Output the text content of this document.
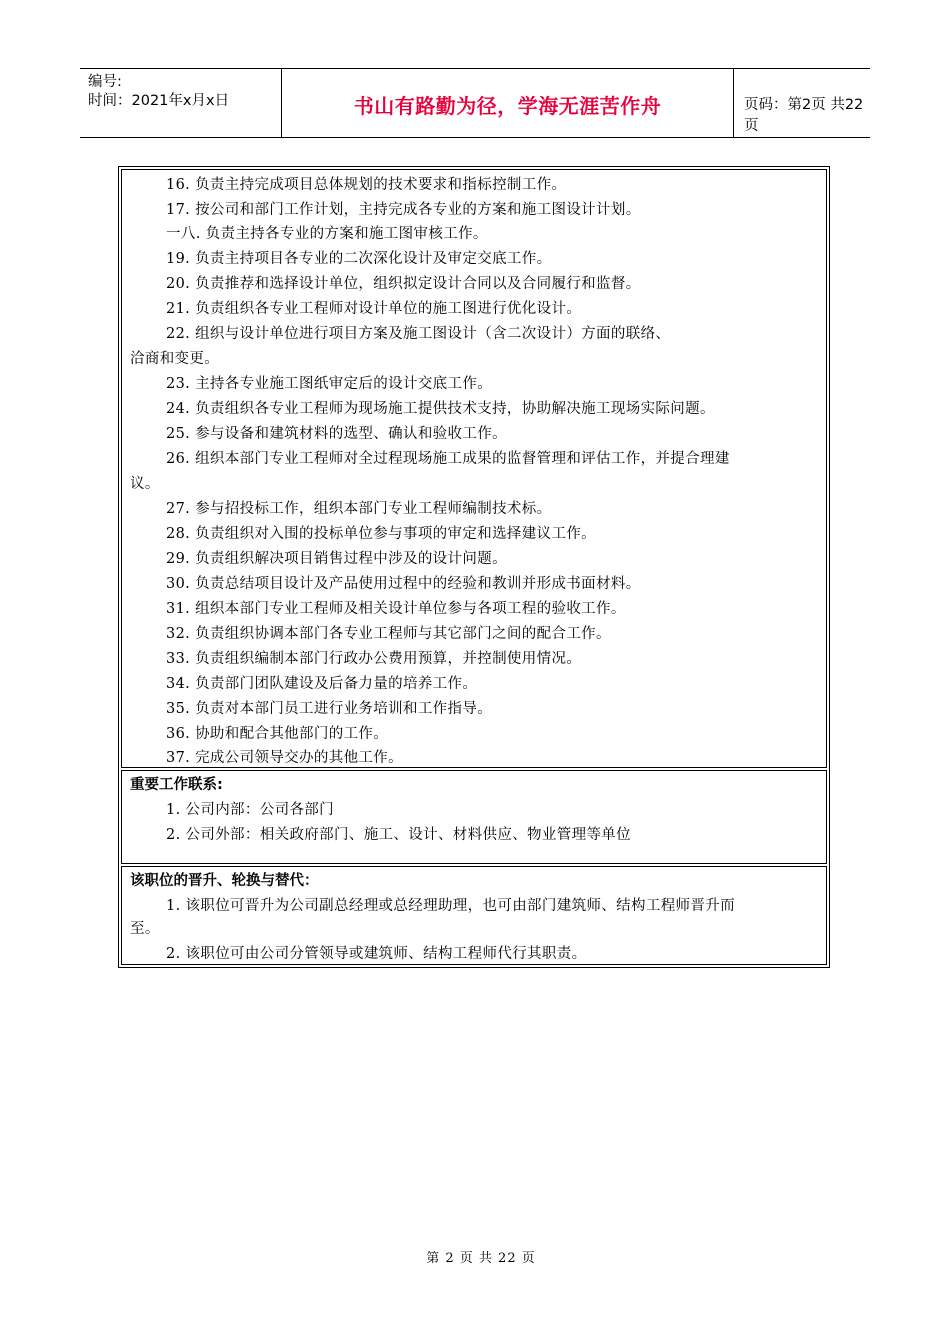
编号:
时间：2021年x月x日	书山有路勤为径，学海无涯苦作舟	页码：第2页 共22页
16. 负责主持完成项目总体规划的技术要求和指标控制工作。
17. 按公司和部门工作计划，主持完成各专业的方案和施工图设计计划。
一八. 负责主持各专业的方案和施工图审核工作。
19. 负责主持项目各专业的二次深化设计及审定交底工作。
20. 负责推荐和选择设计单位，组织拟定设计合同以及合同履行和监督。
21. 负责组织各专业工程师对设计单位的施工图进行优化设计。
22. 组织与设计单位进行项目方案及施工图设计（含二次设计）方面的联络、
洽商和变更。
23. 主持各专业施工图纸审定后的设计交底工作。
24. 负责组织各专业工程师为现场施工提供技术支持，协助解决施工现场实际问题。
25. 参与设备和建筑材料的选型、确认和验收工作。
26. 组织本部门专业工程师对全过程现场施工成果的监督管理和评估工作，并提合理建
议。
27. 参与招投标工作，组织本部门专业工程师编制技术标。
28. 负责组织对入围的投标单位参与事项的审定和选择建议工作。
29. 负责组织解决项目销售过程中涉及的设计问题。
30. 负责总结项目设计及产品使用过程中的经验和教训并形成书面材料。
31. 组织本部门专业工程师及相关设计单位参与各项工程的验收工作。
32. 负责组织协调本部门各专业工程师与其它部门之间的配合工作。
33. 负责组织编制本部门行政办公费用预算，并控制使用情况。
34. 负责部门团队建设及后备力量的培养工作。
35. 负责对本部门员工进行业务培训和工作指导。
36. 协助和配合其他部门的工作。
37. 完成公司领导交办的其他工作。
重要工作联系:
1. 公司内部：公司各部门
2. 公司外部：相关政府部门、施工、设计、材料供应、物业管理等单位
该职位的晋升、轮换与替代：
1. 该职位可晋升为公司副总经理或总经理助理，也可由部门建筑师、结构工程师晋升而
至。
2. 该职位可由公司分管领导或建筑师、结构工程师代行其职责。
第 2 页 共 22 页
